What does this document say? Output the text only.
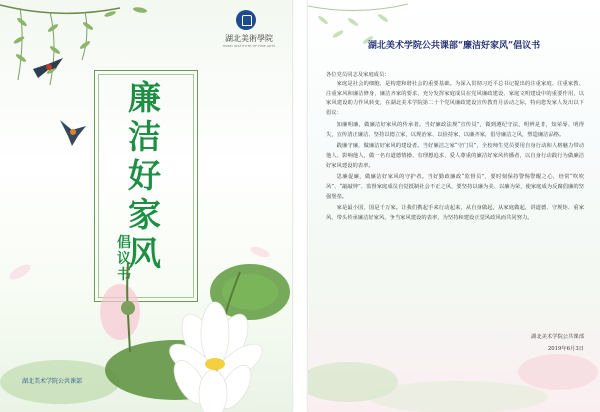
湖北美術學院
HUBEI INSTITUTE OF FINE ARTS
廉
洁
好
家
风
倡
议
书
湖北美术学院公共课部
湖北美术学院公共课部“廉洁好家风”倡议书
各位党员同志及家庭成员：

家庭是社会的细胞，是构建和谐社会的重要基础。为深入贯彻习近平总书记提出的注重家庭、注重家教、注重家风和廉洁修身、廉洁齐家的要求，充分发挥家庭成员在党风廉政建设、家庭文明建设中的重要作用，以家风建设助力作风转变，在湖北美术学院第二十个党风廉政建设宣传教育月活动之际，特向您发家人发出以下倡议：

知廉明廉，做廉洁好家风的传承者。当好廉政法规“宣传员”，做到遵纪守法，明辨是非，知荣辱、明得失，宣传清正廉洁、坚持以德立家，以规治家、以俭持家，以廉齐家，倡导廉洁之风，塑造廉洁品格。

践廉守廉，做廉洁好家风的建设者。当好廉洁之家“守门员”，全校师生党员要用自身行动和人格魅力带动他人、影响他人，做一名有道德情操、有理想追求，爱人尊重的廉洁好家风传播者，以自身行动践行为做廉洁好家风建设的表率。

思廉促廉，做廉洁好家风的守护者。当好勤政廉政“监督员”，要时刻保持警惕警醒之心，经常“吹吹风”、“敲敲钟”、监督家庭成员自觉抵制社会不正之风，要坚持以廉为美、以廉为荣，使家庭成为反腐倡廉的坚强堡垒。

家是最小国，国是千万家。让我们携起手来行动起来，从自身做起，从家庭做起，讲道德、守规矩、重家风，带头传承廉洁好家风，争当家风建设的表率，为坚持和建设正觉风政风而共同努力。

湖北美术学院公共课部
2019年6月3日
